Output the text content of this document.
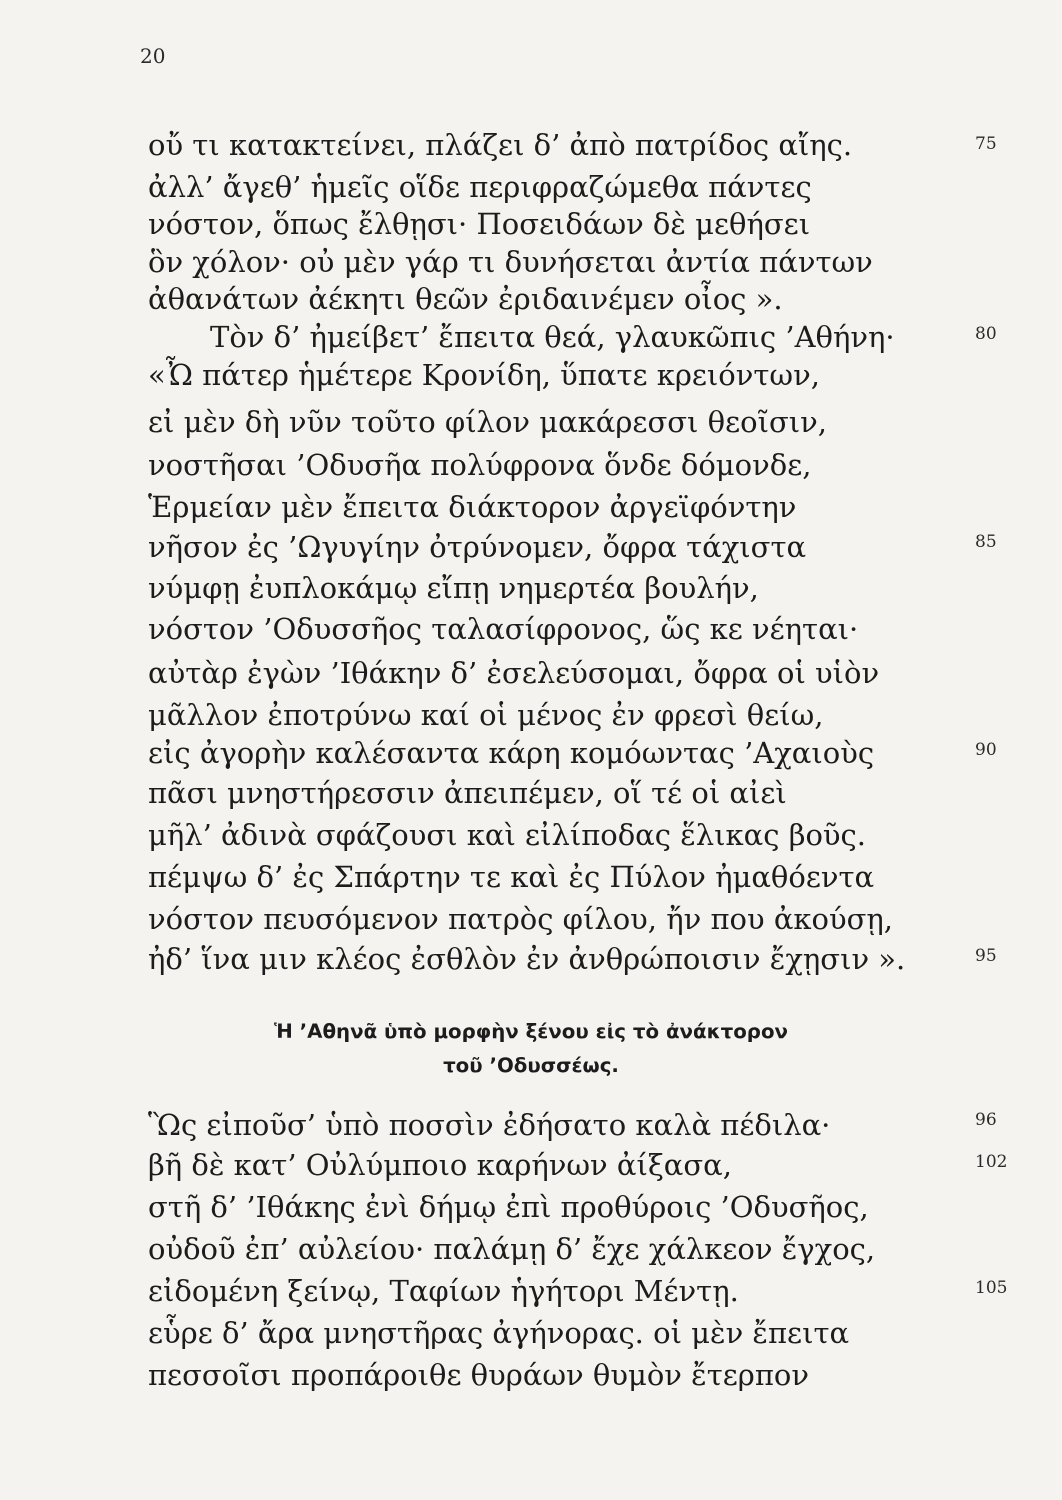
20
οὔ τι κατακτείνει, πλάζει δ’ ἀπὸ πατρίδος αἴης.
ἀλλ’ ἄγεθ’ ἡμεῖς οἵδε περιφραζώμεθα πάντες
νόστον, ὅπως ἔλθῃσι· Ποσειδάων δὲ μεθήσει
ὃν χόλον· οὐ μὲν γάρ τι δυνήσεται ἀντία πάντων
ἀθανάτων ἀέκητι θεῶν ἐριδαινέμεν οἶος ».
Τὸν δ’ ἠμείβετ’ ἔπειτα θεά, γλαυκῶπις ’Αθήνη·
«Ὦ πάτερ ἡμέτερε Κρονίδη, ὕπατε κρειόντων,
εἰ μὲν δὴ νῦν τοῦτο φίλον μακάρεσσι θεοῖσιν,
νοστῆσαι ’Οδυσῆα πολύφρονα ὅνδε δόμονδε,
Ἑρμείαν μὲν ἔπειτα διάκτορον ἀργεϊφόντην
νῆσον ἐς ’Ωγυγίην ὀτρύνομεν, ὄφρα τάχιστα
νύμφῃ ἐυπλοκάμῳ εἴπῃ νημερτέα βουλήν,
νόστον ’Οδυσσῆος ταλασίφρονος, ὥς κε νέηται·
αὐτὰρ ἐγὼν ’Ιθάκην δ’ ἐσελεύσομαι, ὄφρα οἱ υἱὸν
μᾶλλον ἐποτρύνω καί οἱ μένος ἐν φρεσὶ θείω,
εἰς ἀγορὴν καλέσαντα κάρη κομόωντας ’Αχαιοὺς
πᾶσι μνηστήρεσσιν ἀπειπέμεν, οἵ τέ οἱ αἰεὶ
μῆλ’ ἀδινὰ σφάζουσι καὶ εἰλίποδας ἕλικας βοῦς.
πέμψω δ’ ἐς Σπάρτην τε καὶ ἐς Πύλον ἠμαθόεντα
νόστον πευσόμενον πατρὸς φίλου, ἤν που ἀκούσῃ,
ἠδ’ ἵνα μιν κλέος ἐσθλὸν ἐν ἀνθρώποισιν ἔχῃσιν ».
75
80
85
90
95
Ἡ ’Αθηνᾶ ὑπὸ μορφὴν ξένου εἰς τὸ ἀνάκτορον
τοῦ ’Οδυσσέως.
Ὣς εἰποῦσ’ ὑπὸ ποσσὶν ἐδήσατο καλὰ πέδιλα·
βῆ δὲ κατ’ Οὐλύμποιο καρήνων ἀίξασα,
στῆ δ’ ’Ιθάκης ἐνὶ δήμῳ ἐπὶ προθύροις ’Οδυσῆος,
οὐδοῦ ἐπ’ αὐλείου· παλάμῃ δ’ ἔχε χάλκεον ἔγχος,
εἰδομένη ξείνῳ, Ταφίων ἡγήτορι Μέντῃ.
εὗρε δ’ ἄρα μνηστῆρας ἀγήνορας. οἱ μὲν ἔπειτα
πεσσοῖσι προπάροιθε θυράων θυμὸν ἔτερπον
96
102
105
